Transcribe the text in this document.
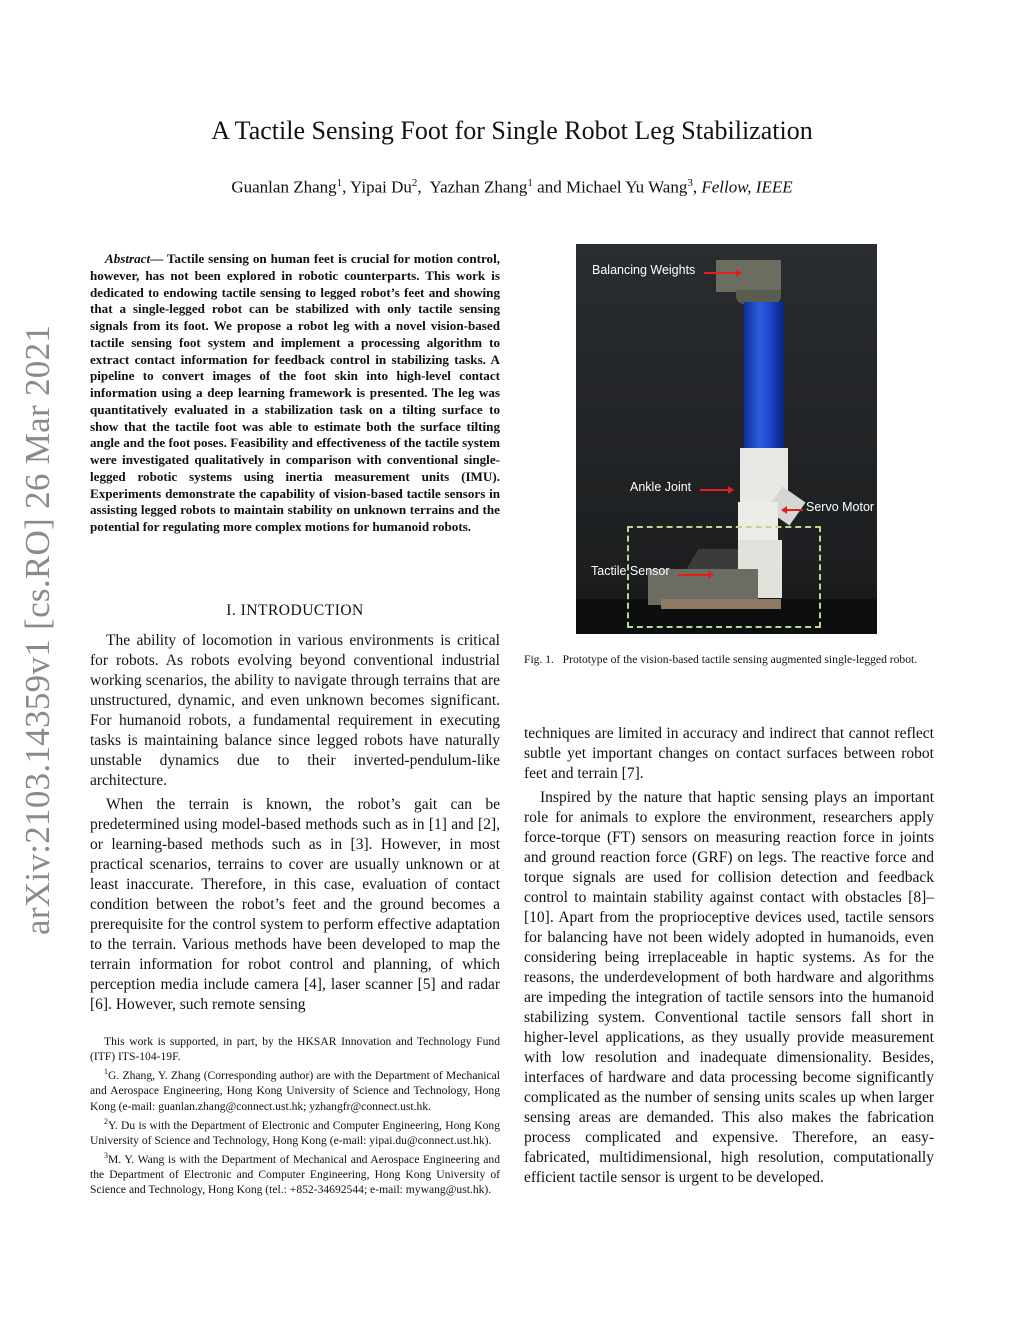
arXiv:2103.14359v1 [cs.RO] 26 Mar 2021
A Tactile Sensing Foot for Single Robot Leg Stabilization
Guanlan Zhang$^1$, Yipai Du$^2$,  Yazhan Zhang$^1$ and Michael Yu Wang$^3$, Fellow, IEEE
Abstract— Tactile sensing on human feet is crucial for motion control, however, has not been explored in robotic counterparts. This work is dedicated to endowing tactile sensing to legged robot’s feet and showing that a single-legged robot can be stabilized with only tactile sensing signals from its foot. We propose a robot leg with a novel vision-based tactile sensing foot system and implement a processing algorithm to extract contact information for feedback control in stabilizing tasks. A pipeline to convert images of the foot skin into high-level contact information using a deep learning framework is presented. The leg was quantitatively evaluated in a stabilization task on a tilting surface to show that the tactile foot was able to estimate both the surface tilting angle and the foot poses. Feasibility and effectiveness of the tactile system were investigated qualitatively in comparison with conventional single-legged robotic systems using inertia measurement units (IMU). Experiments demonstrate the capability of vision-based tactile sensors in assisting legged robots to maintain stability on unknown terrains and the potential for regulating more complex motions for humanoid robots.
I. INTRODUCTION

The ability of locomotion in various environments is critical for robots. As robots evolving beyond conventional industrial working scenarios, the ability to navigate through terrains that are unstructured, dynamic, and even unknown becomes significant. For humanoid robots, a fundamental requirement in executing tasks is maintaining balance since legged robots have naturally unstable dynamics due to their inverted-pendulum-like architecture.

When the terrain is known, the robot’s gait can be predetermined using model-based methods such as in [1] and [2], or learning-based methods such as in [3]. However, in most practical scenarios, terrains to cover are usually unknown or at least inaccurate. Therefore, in this case, evaluation of contact condition between the robot’s feet and the ground becomes a prerequisite for the control system to perform effective adaptation to the terrain. Various methods have been developed to map the terrain information for robot control and planning, of which perception media include camera [4], laser scanner [5] and radar [6]. However, such remote sensing

This work is supported, in part, by the HKSAR Innovation and Technology Fund (ITF) ITS-104-19F.

$^1$G. Zhang, Y. Zhang (Corresponding author) are with the Department of Mechanical and Aerospace Engineering, Hong Kong University of Science and Technology, Hong Kong (e-mail: guanlan.zhang@connect.ust.hk; yzhangfr@connect.ust.hk.

$^2$Y. Du is with the Department of Electronic and Computer Engineering, Hong Kong University of Science and Technology, Hong Kong (e-mail: yipai.du@connect.ust.hk).

$^3$M. Y. Wang is with the Department of Mechanical and Aerospace Engineering and the Department of Electronic and Computer Engineering, Hong Kong University of Science and Technology, Hong Kong (tel.: +852-34692544; e-mail: mywang@ust.hk).

Balancing Weights
Ankle Joint
Servo Motor
Tactile Sensor
Fig. 1.   Prototype of the vision-based tactile sensing augmented single-legged robot.

techniques are limited in accuracy and indirect that cannot reflect subtle yet important changes on contact surfaces between robot feet and terrain [7].

Inspired by the nature that haptic sensing plays an important role for animals to explore the environment, researchers apply force-torque (FT) sensors on measuring reaction force in joints and ground reaction force (GRF) on legs. The reactive force and torque signals are used for collision detection and feedback control to maintain stability against contact with obstacles [8]–[10]. Apart from the proprioceptive devices used, tactile sensors for balancing have not been widely adopted in humanoids, even considering being irreplaceable in haptic systems. As for the reasons, the underdevelopment of both hardware and algorithms are impeding the integration of tactile sensors into the humanoid stabilizing system. Conventional tactile sensors fall short in higher-level applications, as they usually provide measurement with low resolution and inadequate dimensionality. Besides, interfaces of hardware and data processing become significantly complicated as the number of sensing units scales up when larger sensing areas are demanded. This also makes the fabrication process complicated and expensive. Therefore, an easy-fabricated, multidimensional, high resolution, computationally efficient tactile sensor is urgent to be developed.
